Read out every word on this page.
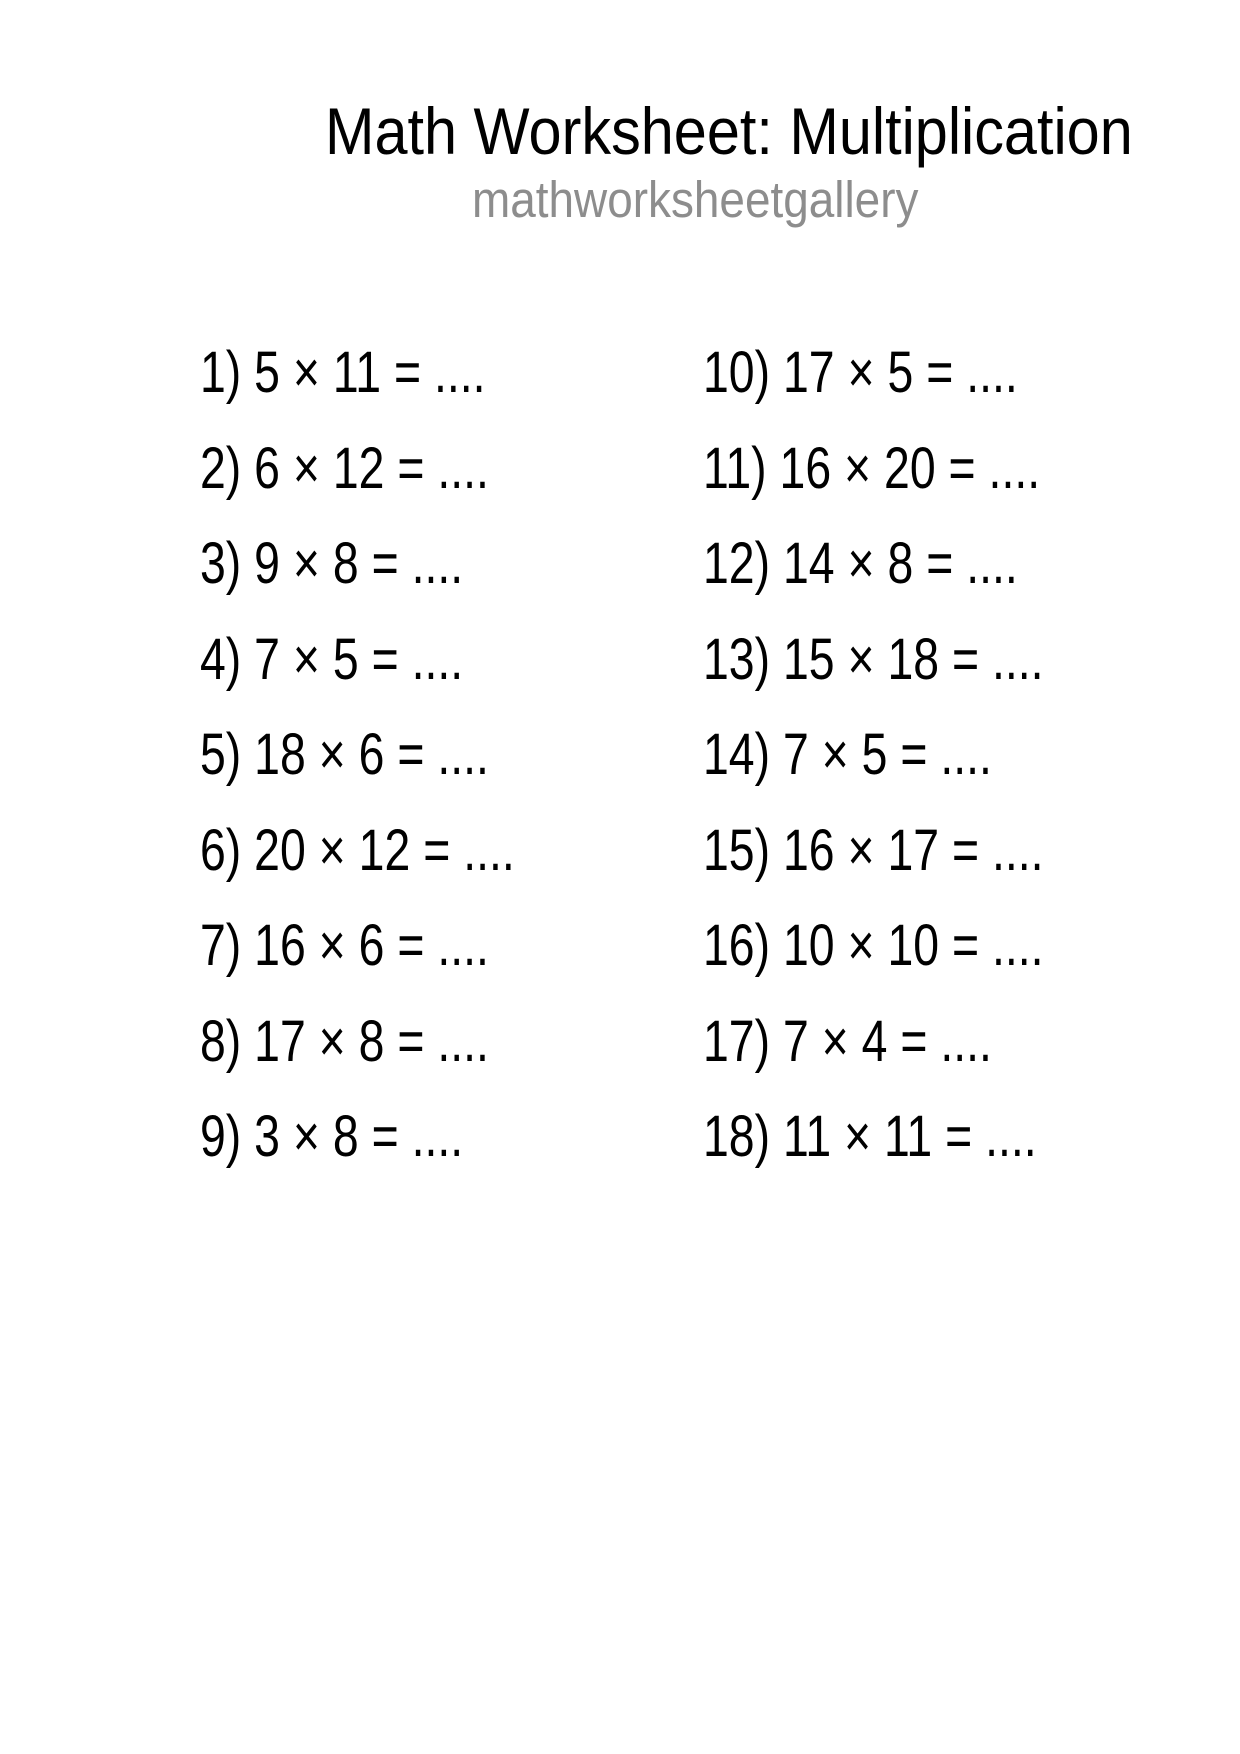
Math Worksheet: Multiplication
mathworksheetgallery
1) 5 × 11 = ....
2) 6 × 12 = ....
3) 9 × 8 = ....
4) 7 × 5 = ....
5) 18 × 6 = ....
6) 20 × 12 = ....
7) 16 × 6 = ....
8) 17 × 8 = ....
9) 3 × 8 = ....
10) 17 × 5 = ....
11) 16 × 20 = ....
12) 14 × 8 = ....
13) 15 × 18 = ....
14) 7 × 5 = ....
15) 16 × 17 = ....
16) 10 × 10 = ....
17) 7 × 4 = ....
18) 11 × 11 = ....
